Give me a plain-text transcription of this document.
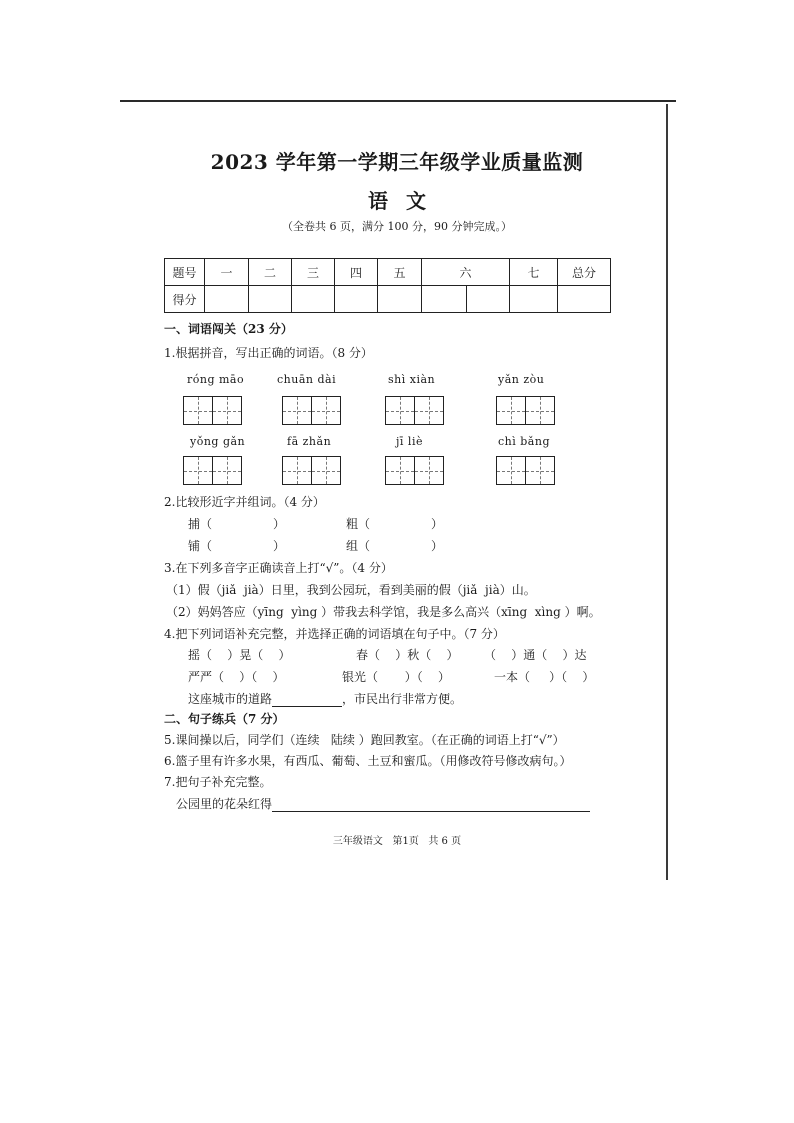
2023 学年第一学期三年级学业质量监测
语文
（全卷共 6 页，满分 100 分，90 分钟完成。）
题号	一	二	三	四	五	六	七	总分
得分						

一、词语闯关（23 分）
1.根据拼音，写出正确的词语。（8 分）
róng māo	chuān dài	shì xiàn	yǎn zòu
yǒng gǎn	fā zhǎn	jī liè	chì bǎng
2.比较形近字并组词。（4 分）
捕（                ）	粗（                ）
铺（                ）	组（                ）
3.在下列多音字正确读音上打“√”。（4 分）
（1）假（jiǎ  jià）日里，我到公园玩，看到美丽的假（jiǎ  jià）山。
（2）妈妈答应（yīng  yìng ）带我去科学馆，我是多么高兴（xīng  xìng ）啊。
4.把下列词语补充完整，并选择正确的词语填在句子中。（7 分）
摇（    ）晃（    ）	春（    ）秋（    ） （    ）通（    ）达
严严（    ）（    ）	银光（       ）（    ）	一本（     ）（    ）
这座城市的道路	，市民出行非常方便。
二、句子练兵（7 分）
5.课间操以后，同学们（连续   陆续 ）跑回教室。（在正确的词语上打“√”）
6.篮子里有许多水果，有西瓜、葡萄、土豆和蜜瓜。（用修改符号修改病句。）
7.把句子补充完整。
公园里的花朵红得
三年级语文   第1页   共 6 页
